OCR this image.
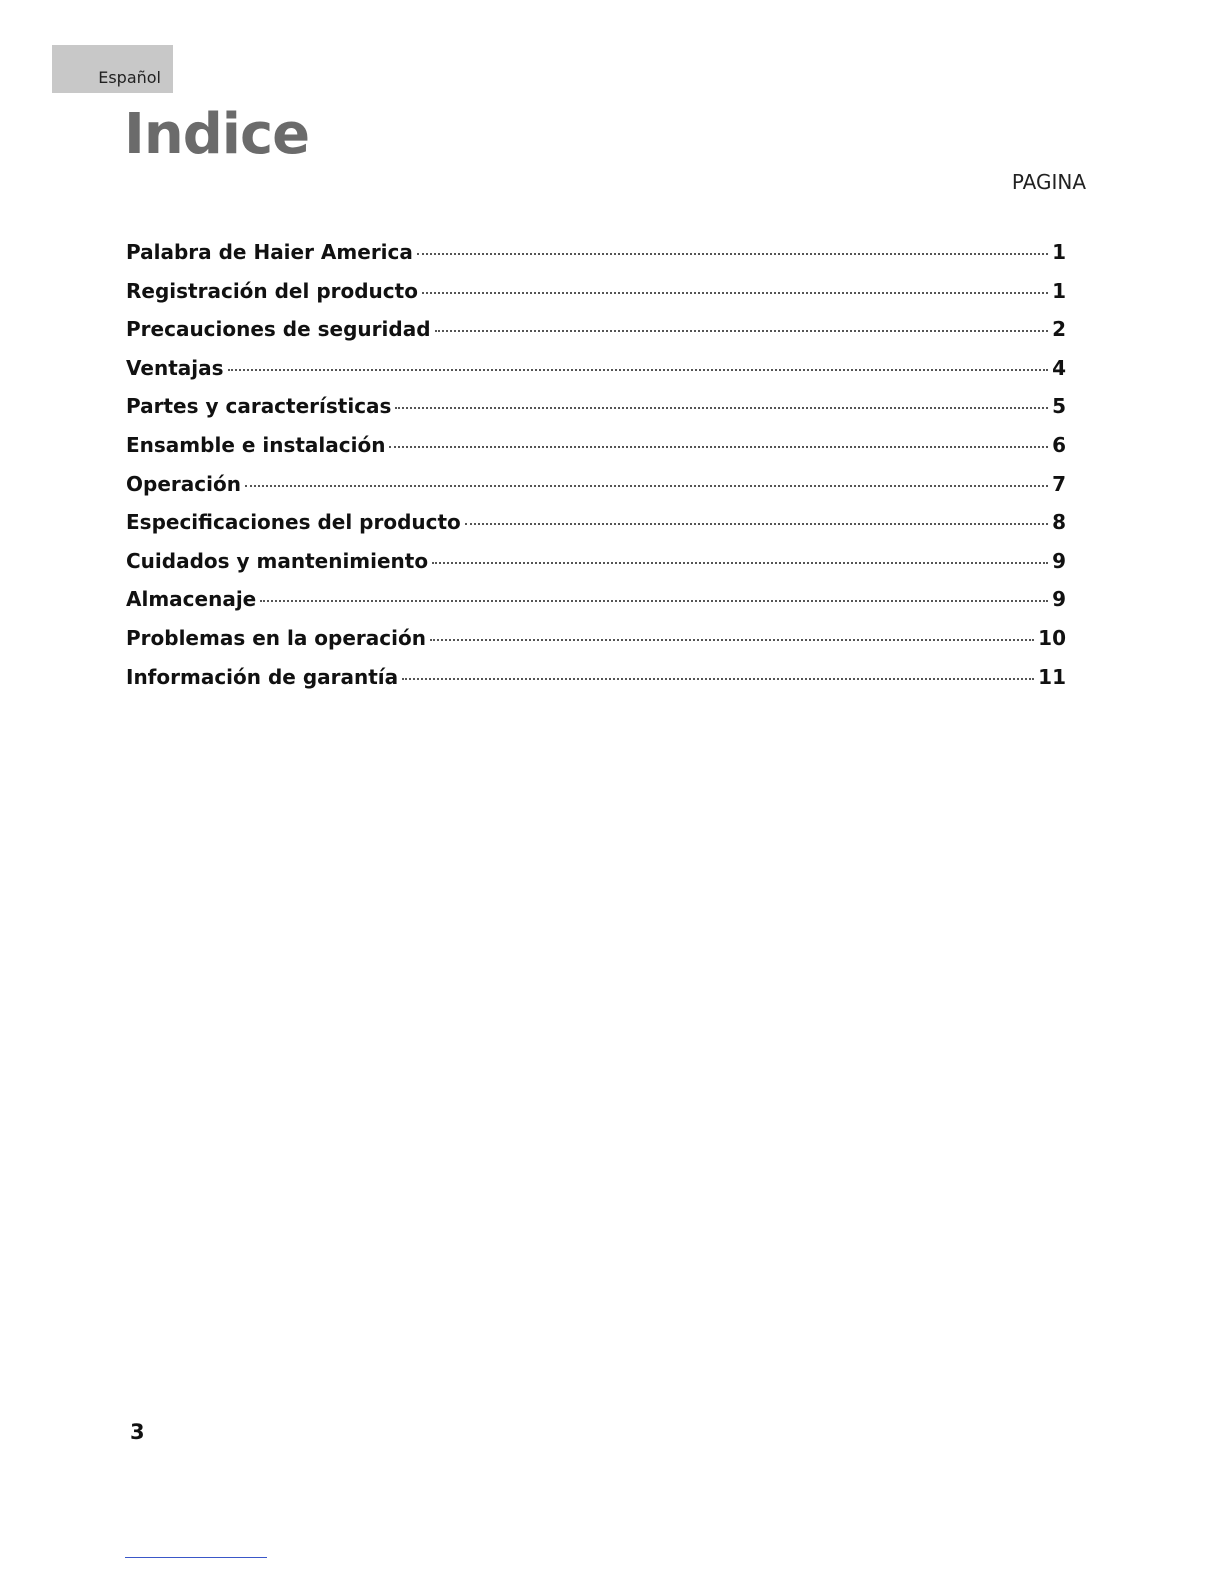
Español
Indice
PAGINA
Palabra de Haier America	1
Registración del producto	1
Precauciones de seguridad	2
Ventajas	4
Partes y características	5
Ensamble e instalación	6
Operación	7
Especificaciones del producto	8
Cuidados y mantenimiento	9
Almacenaje	9
Problemas en la operación	10
Información de garantía	11
3
